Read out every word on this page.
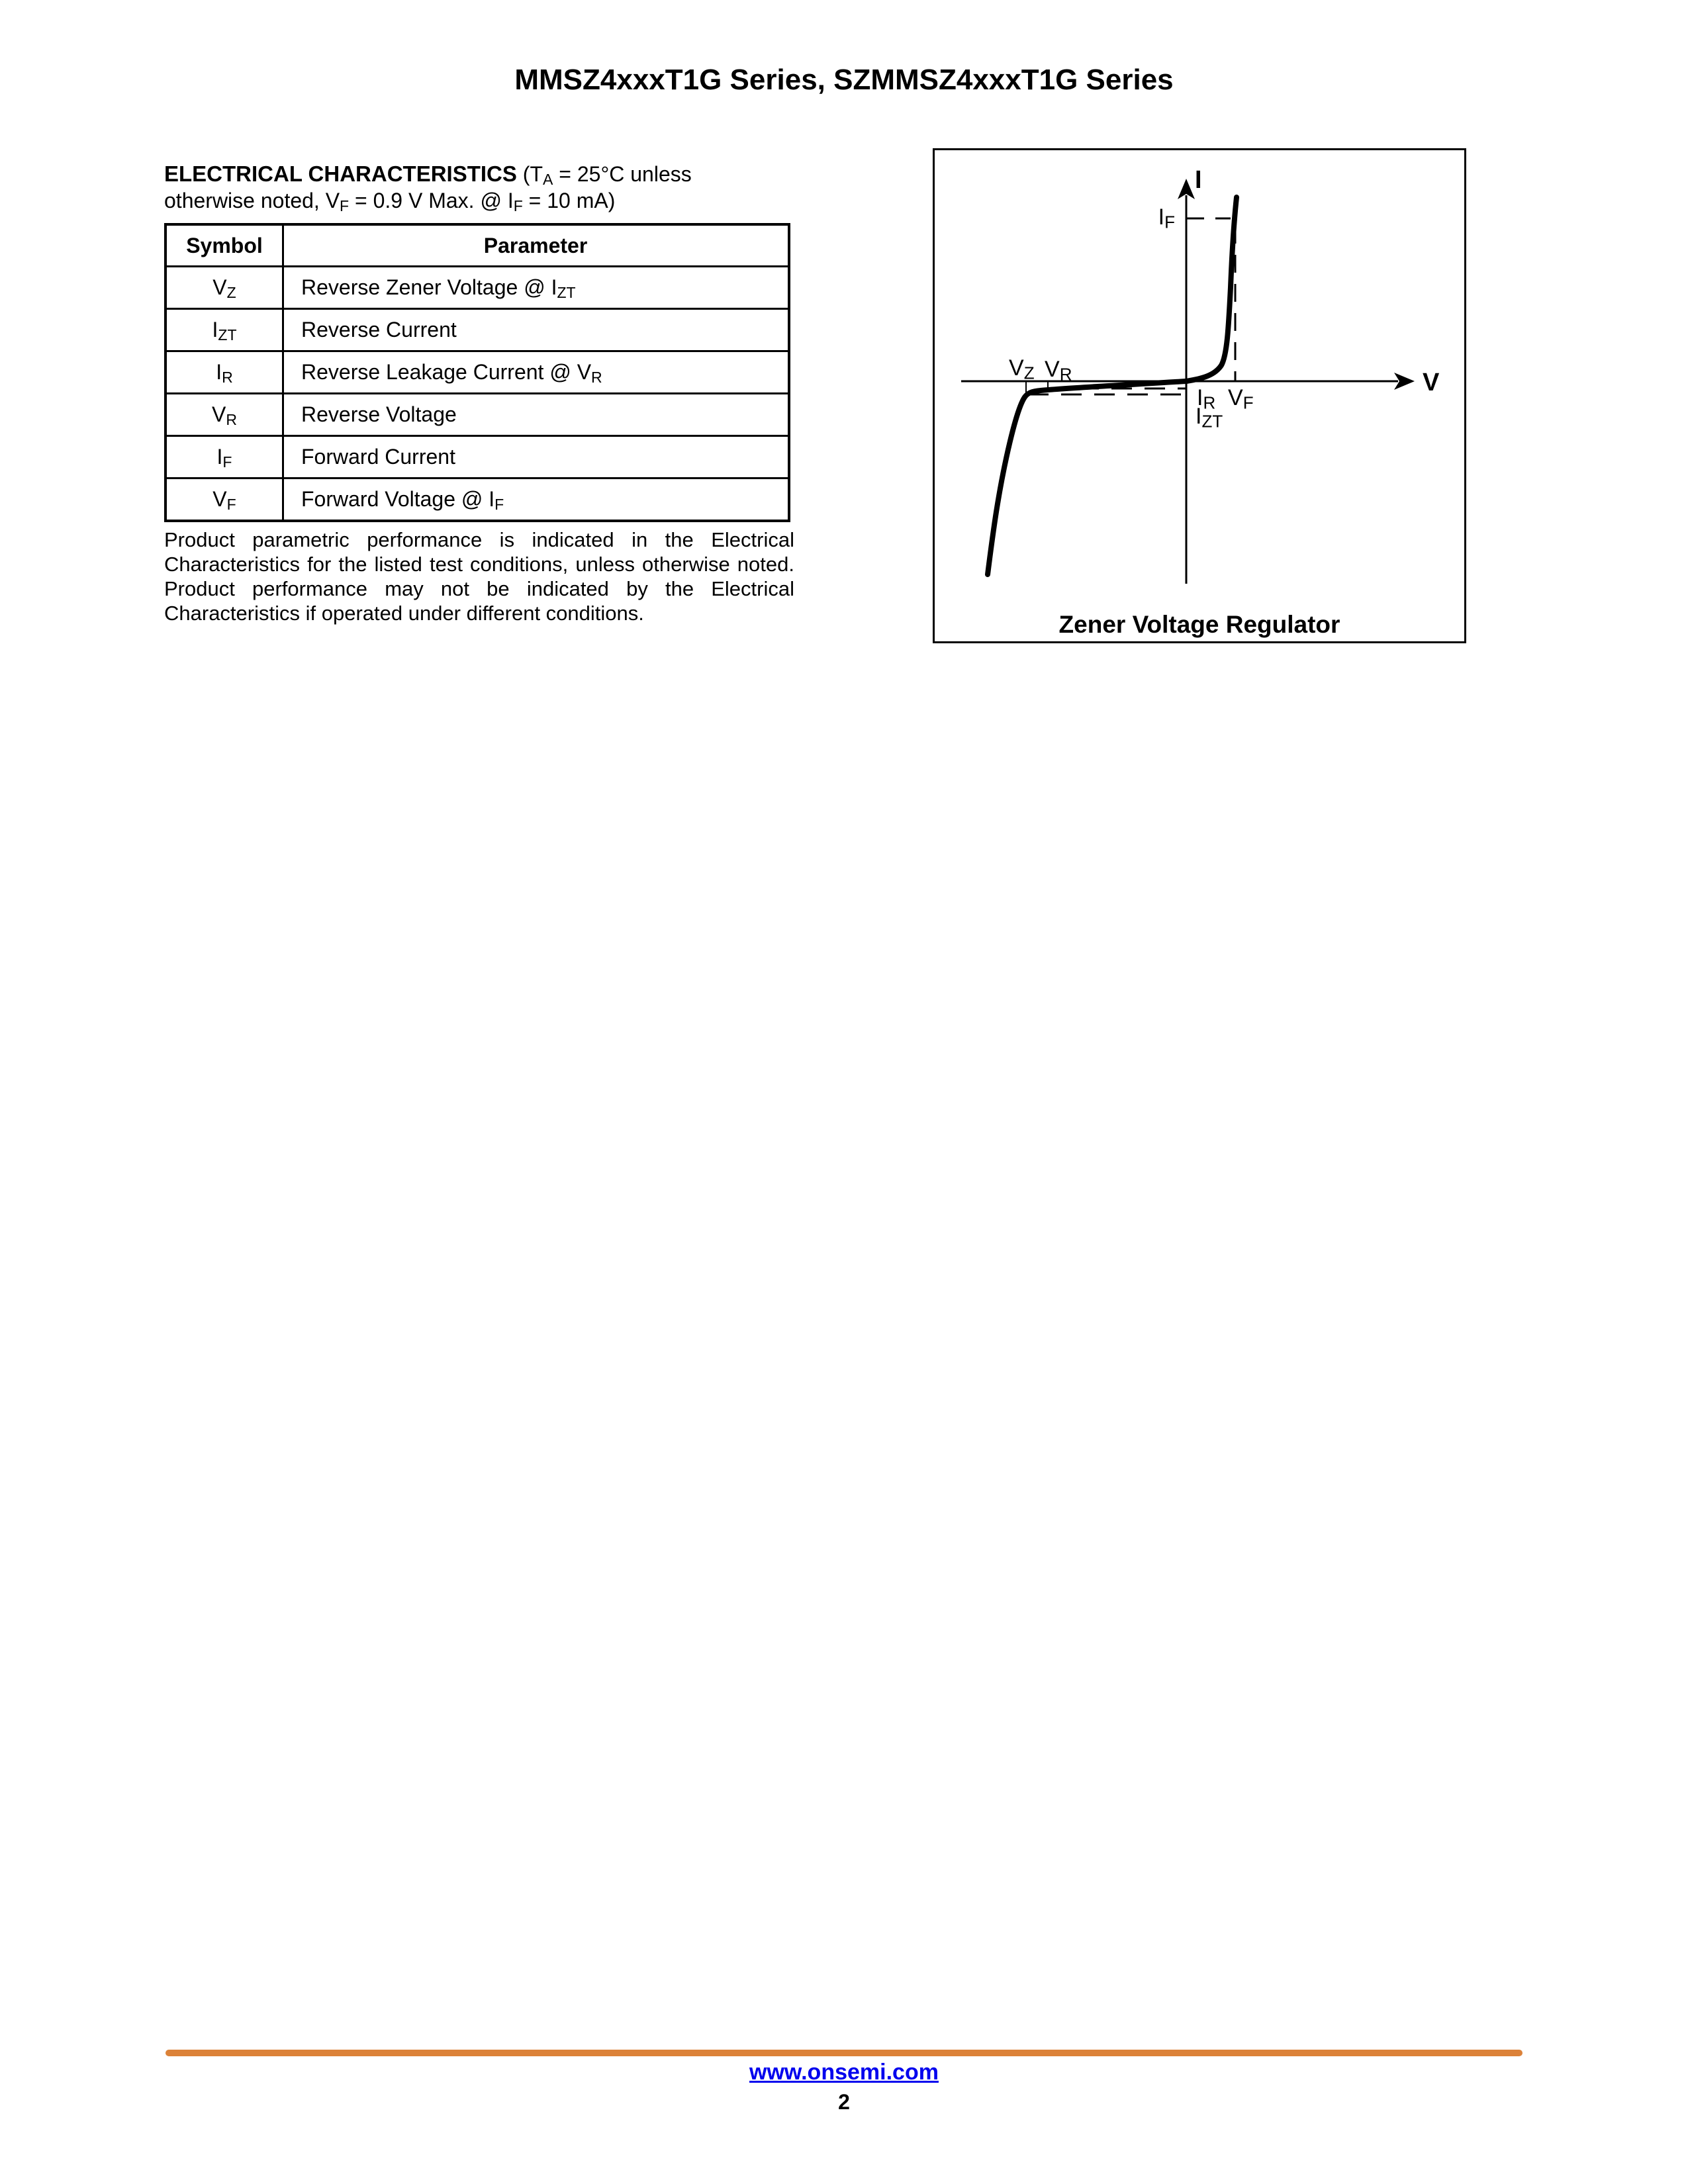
MMSZ4xxxT1G Series, SZMMSZ4xxxT1G Series
ELECTRICAL CHARACTERISTICS ($T_A = 25^\circ C$ unless
otherwise noted, $V_F = 0.9$ V Max. @ $I_F = 10$ mA)
Symbol	Parameter
$V_Z$	Reverse Zener Voltage @ $I_{ZT}$
$I_{ZT}$	Reverse Current
$I_R$	Reverse Leakage Current @ $V_R$
$V_R$	Reverse Voltage
$I_F$	Forward Current
$V_F$	Forward Voltage @ $I_F$
Product parametric performance is indicated in the Electrical
Characteristics for the listed test conditions, unless otherwise noted.
Product performance may not be indicated by the Electrical
Characteristics if operated under different conditions.
I
V
$I_F$
$V_Z$ $V_R$
$I_R$ $V_F$
$I_{ZT}$
Zener Voltage Regulator
www.onsemi.com
2
